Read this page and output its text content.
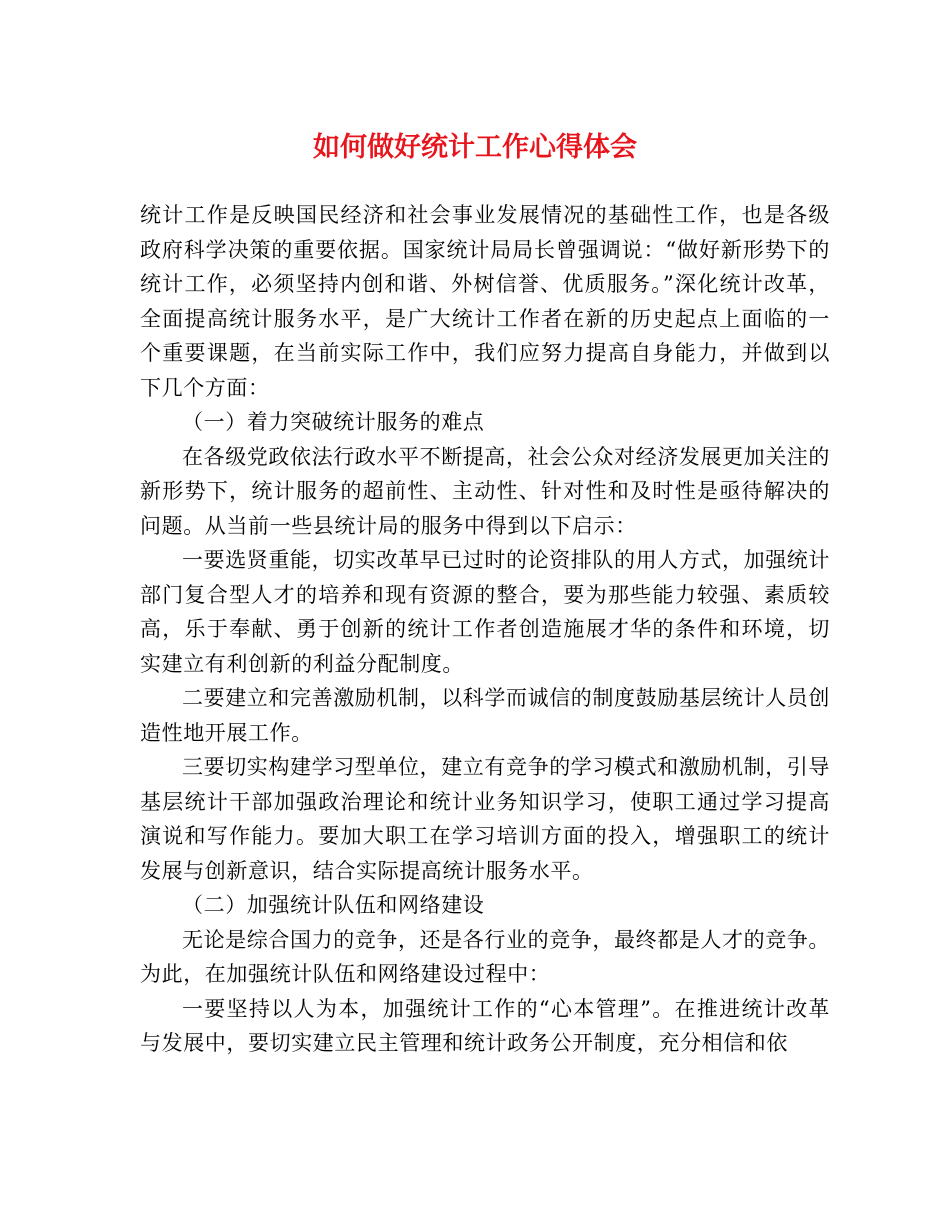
如何做好统计工作心得体会

统计工作是反映国民经济和社会事业发展情况的基础性工作，也是各级政府科学决策的重要依据。国家统计局局长曾强调说：“做好新形势下的统计工作，必须坚持内创和谐、外树信誉、优质服务。”深化统计改革，全面提高统计服务水平，是广大统计工作者在新的历史起点上面临的一个重要课题，在当前实际工作中，我们应努力提高自身能力，并做到以下几个方面：

（一）着力突破统计服务的难点

在各级党政依法行政水平不断提高，社会公众对经济发展更加关注的新形势下，统计服务的超前性、主动性、针对性和及时性是亟待解决的问题。从当前一些县统计局的服务中得到以下启示：

一要选贤重能，切实改革早已过时的论资排队的用人方式，加强统计部门复合型人才的培养和现有资源的整合，要为那些能力较强、素质较高，乐于奉献、勇于创新的统计工作者创造施展才华的条件和环境，切实建立有利创新的利益分配制度。

二要建立和完善激励机制，以科学而诚信的制度鼓励基层统计人员创造性地开展工作。

三要切实构建学习型单位，建立有竞争的学习模式和激励机制，引导基层统计干部加强政治理论和统计业务知识学习，使职工通过学习提高演说和写作能力。要加大职工在学习培训方面的投入，增强职工的统计发展与创新意识，结合实际提高统计服务水平。

（二）加强统计队伍和网络建设

无论是综合国力的竞争，还是各行业的竞争，最终都是人才的竞争。为此，在加强统计队伍和网络建设过程中：

一要坚持以人为本，加强统计工作的“心本管理”。在推进统计改革与发展中，要切实建立民主管理和统计政务公开制度，充分相信和依
